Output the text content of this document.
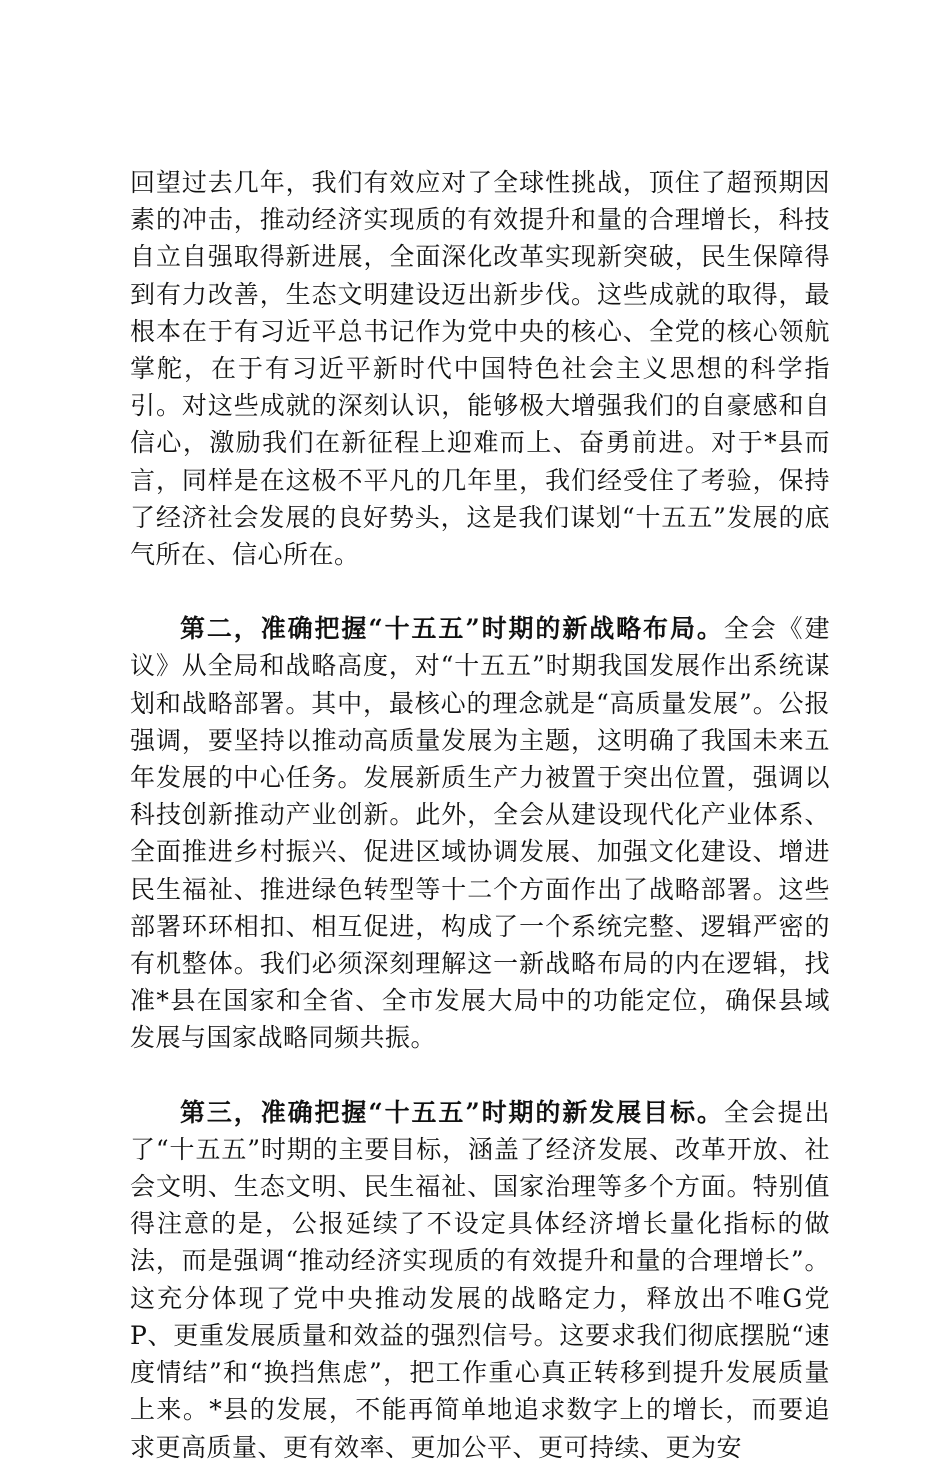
回望过去几年，我们有效应对了全球性挑战，顶住了超预期因素的冲击，推动经济实现质的有效提升和量的合理增长，科技自立自强取得新进展，全面深化改革实现新突破，民生保障得到有力改善，生态文明建设迈出新步伐。这些成就的取得，最根本在于有习近平总书记作为党中央的核心、全党的核心领航掌舵，在于有习近平新时代中国特色社会主义思想的科学指引。对这些成就的深刻认识，能够极大增强我们的自豪感和自信心，激励我们在新征程上迎难而上、奋勇前进。对于*县而言，同样是在这极不平凡的几年里，我们经受住了考验，保持了经济社会发展的良好势头，这是我们谋划“十五五”发展的底气所在、信心所在。

第二，准确把握“十五五”时期的新战略布局。全会《建议》从全局和战略高度，对“十五五”时期我国发展作出系统谋划和战略部署。其中，最核心的理念就是“高质量发展”。公报强调，要坚持以推动高质量发展为主题，这明确了我国未来五年发展的中心任务。发展新质生产力被置于突出位置，强调以科技创新推动产业创新。此外，全会从建设现代化产业体系、全面推进乡村振兴、促进区域协调发展、加强文化建设、增进民生福祉、推进绿色转型等十二个方面作出了战略部署。这些部署环环相扣、相互促进，构成了一个系统完整、逻辑严密的有机整体。我们必须深刻理解这一新战略布局的内在逻辑，找准*县在国家和全省、全市发展大局中的功能定位，确保县域发展与国家战略同频共振。

第三，准确把握“十五五”时期的新发展目标。全会提出了“十五五”时期的主要目标，涵盖了经济发展、改革开放、社会文明、生态文明、民生福祉、国家治理等多个方面。特别值得注意的是，公报延续了不设定具体经济增长量化指标的做法，而是强调“推动经济实现质的有效提升和量的合理增长”。这充分体现了党中央推动发展的战略定力，释放出不唯G党P、更重发展质量和效益的强烈信号。这要求我们彻底摆脱“速度情结”和“换挡焦虑”，把工作重心真正转移到提升发展质量上来。*县的发展，不能再简单地追求数字上的增长，而要追求更高质量、更有效率、更加公平、更可持续、更为安
